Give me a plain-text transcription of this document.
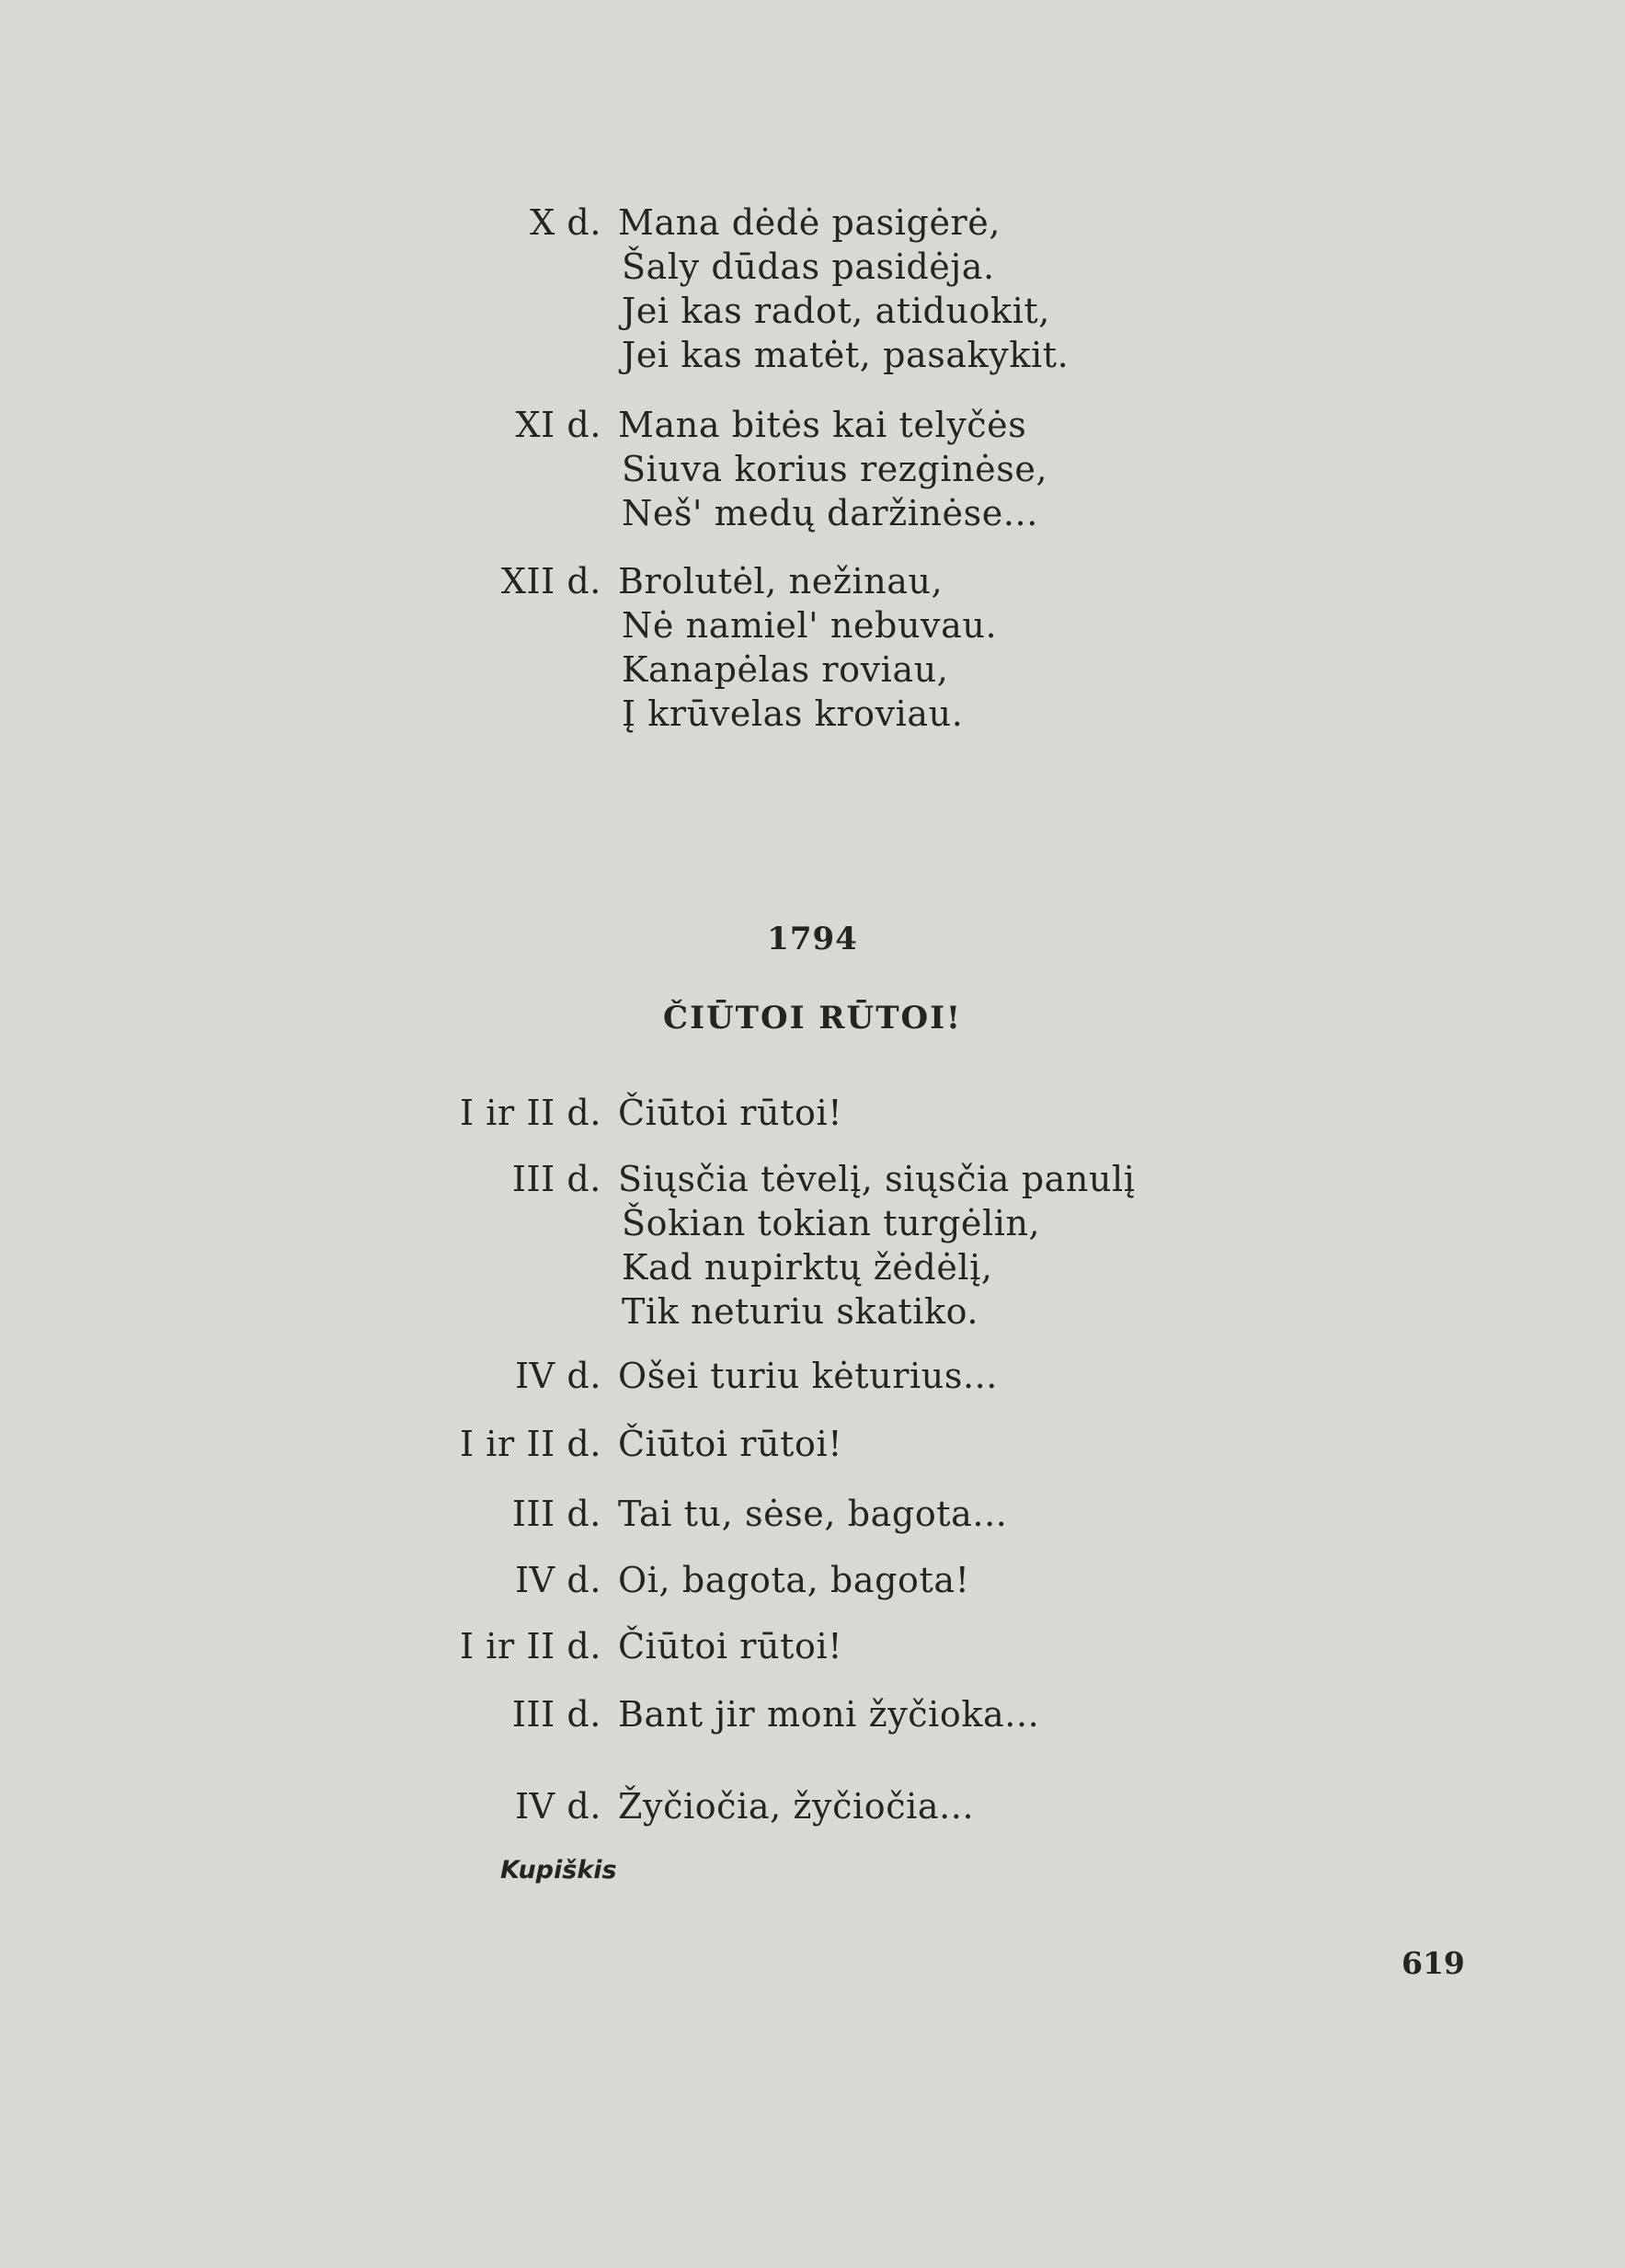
X d. Mana dėdė pasigėrė,
Šaly dūdas pasidėja.
Jei kas radot, atiduokit,
Jei kas matėt, pasakykit.
XI d. Mana bitės kai telyčės
Siuva korius rezginėse,
Neš' medų daržinėse...
XII d. Brolutėl, nežinau,
Nė namiel' nebuvau.
Kanapėlas roviau,
Į krūvelas kroviau.
1794
ČIŪTOI RŪTOI!
I ir II d. Čiūtoi rūtoi!
III d. Siųsčia tėvelį, siųsčia panulį
Šokian tokian turgėlin,
Kad nupirktų žėdėlį,
Tik neturiu skatiko.
IV d. Ošei turiu kėturius...
I ir II d. Čiūtoi rūtoi!
III d. Tai tu, sėse, bagota...
IV d. Oi, bagota, bagota!
I ir II d. Čiūtoi rūtoi!
III d. Bant jir moni žyčioka...
IV d. Žyčiočia, žyčiočia...
Kupiškis
619
